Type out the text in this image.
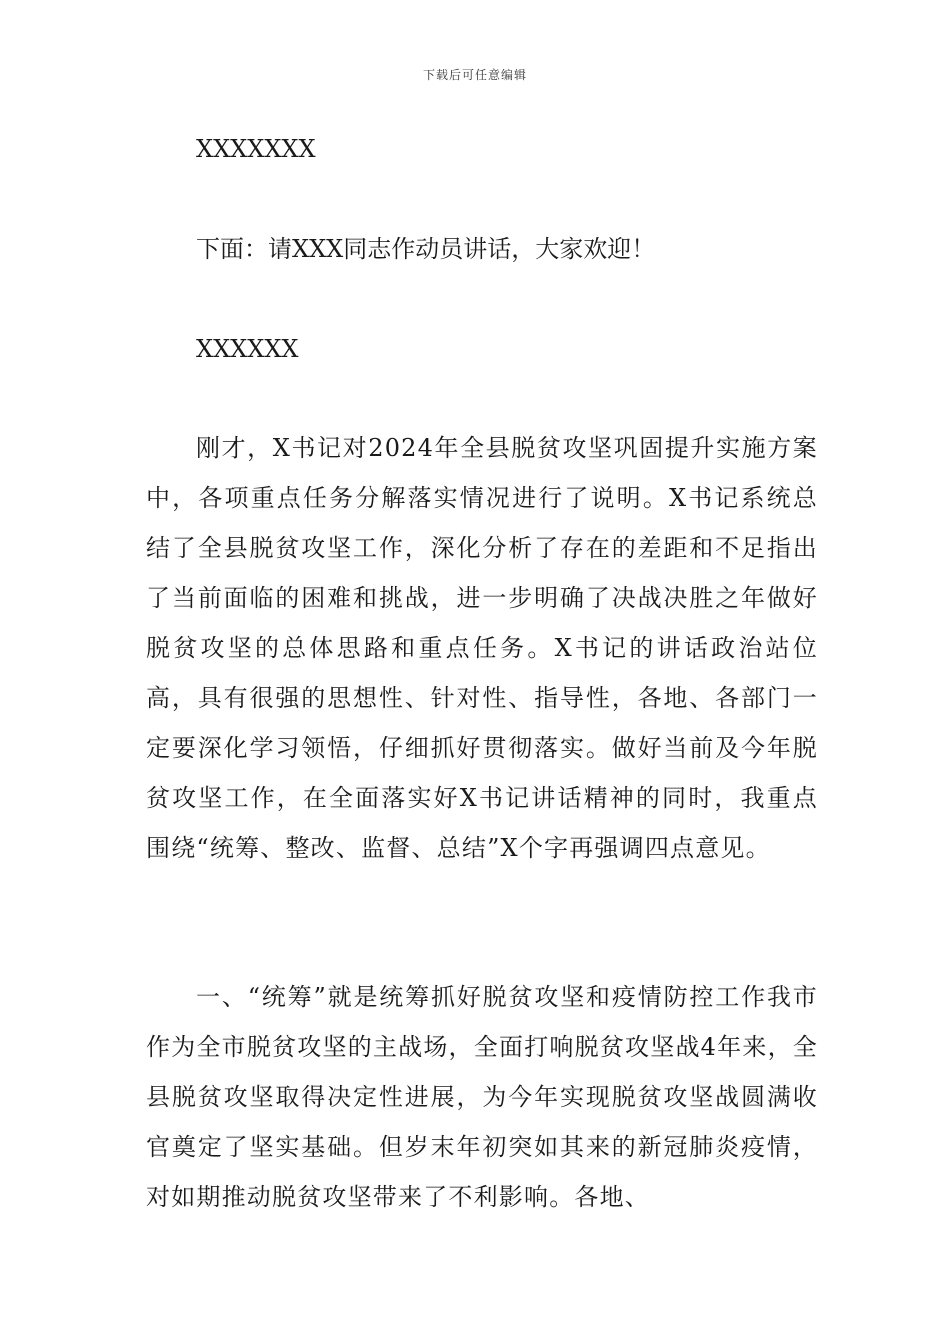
下载后可任意编辑
XXXXXXX
下面：请XXX同志作动员讲话，大家欢迎！
XXXXXX
刚才，X书记对2024年全县脱贫攻坚巩固提升实施方案中，各项重点任务分解落实情况进行了说明。X书记系统总结了全县脱贫攻坚工作，深化分析了存在的差距和不足指出了当前面临的困难和挑战，进一步明确了决战决胜之年做好脱贫攻坚的总体思路和重点任务。X书记的讲话政治站位高，具有很强的思想性、针对性、指导性，各地、各部门一定要深化学习领悟，仔细抓好贯彻落实。做好当前及今年脱贫攻坚工作，在全面落实好X书记讲话精神的同时，我重点围绕“统筹、整改、监督、总结”X个字再强调四点意见。
一、“统筹”就是统筹抓好脱贫攻坚和疫情防控工作我市作为全市脱贫攻坚的主战场，全面打响脱贫攻坚战4年来，全县脱贫攻坚取得决定性进展，为今年实现脱贫攻坚战圆满收官奠定了坚实基础。但岁末年初突如其来的新冠肺炎疫情，对如期推动脱贫攻坚带来了不利影响。各地、
